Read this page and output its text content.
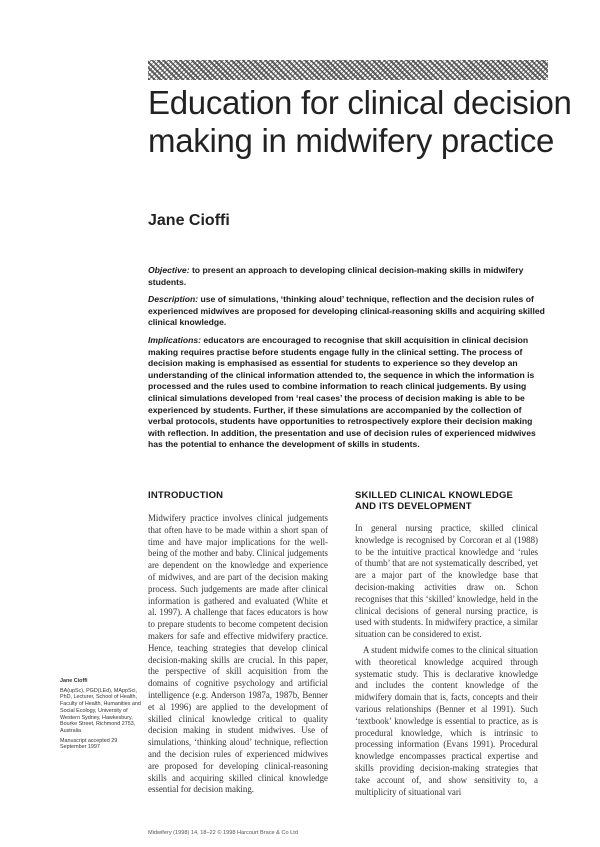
Education for clinical decision making in midwifery practice
Jane Cioffi

Objective: to present an approach to developing clinical decision-making skills in midwifery students.

Description: use of simulations, ‘thinking aloud’ technique, reflection and the decision rules of experienced midwives are proposed for developing clinical-reasoning skills and acquiring skilled clinical knowledge.

Implications: educators are encouraged to recognise that skill acquisition in clinical decision making requires practise before students engage fully in the clinical setting. The process of decision making is emphasised as essential for students to experience so they develop an understanding of the clinical information attended to, the sequence in which the information is processed and the rules used to combine information to reach clinical judgements. By using clinical simulations developed from ‘real cases’ the process of decision making is able to be experienced by students. Further, if these simulations are accompanied by the collection of verbal protocols, students have opportunities to retrospectively explore their decision making with reflection. In addition, the presentation and use of decision rules of experienced midwives has the potential to enhance the development of skills in students.

INTRODUCTION

Midwifery practice involves clinical judgements that often have to be made within a short span of time and have major implications for the well-being of the mother and baby. Clinical judgements are dependent on the knowledge and experience of midwives, and are part of the decision making process. Such judgements are made after clinical information is gathered and evaluated (White et al. 1997). A challenge that faces educators is how to prepare students to become competent decision makers for safe and effective midwifery practice. Hence, teaching strategies that develop clinical decision-making skills are crucial. In this paper, the perspective of skill acquisition from the domains of cognitive psychology and artificial intelligence (e.g. Anderson 1987a, 1987b, Benner et al 1996) are applied to the development of skilled clinical knowledge critical to quality decision making in student midwives. Use of simulations, ‘thinking aloud’ technique, reflection and the decision rules of experienced midwives are proposed for developing clinical-reasoning skills and acquiring skilled clinical knowledge essential for decision making.

SKILLED CLINICAL KNOWLEDGE AND ITS DEVELOPMENT

In general nursing practice, skilled clinical knowledge is recognised by Corcoran et al (1988) to be the intuitive practical knowledge and ‘rules of thumb’ that are not systematically described, yet are a major part of the knowledge base that decision-making activities draw on. Schon recognises that this ‘skilled’ knowledge, held in the clinical decisions of general nursing practice, is used with students. In midwifery practice, a similar situation can be considered to exist.

A student midwife comes to the clinical situation with theoretical knowledge acquired through systematic study. This is declarative knowledge and includes the content knowledge of the midwifery domain that is, facts, concepts and their various relationships (Benner et al 1991). Such ‘textbook’ knowledge is essential to practice, as is procedural knowledge, which is intrinsic to processing information (Evans 1991). Procedural knowledge encompasses practical expertise and skills providing decision-making strategies that take account of, and show sensitivity to, a multiplicity of situational vari

Jane Cioffi

BA(upSc), PGD(LEd), MAppSci, PhD, Lecturer, School of Health, Faculty of Health, Humanities and Social Ecology, University of Western Sydney, Hawkesbury, Bourke Street, Richmond 2753, Australia

Manuscript accepted 29 September 1997

Midwifery (1998) 14, 18–22 © 1998 Harcourt Brace & Co Ltd
